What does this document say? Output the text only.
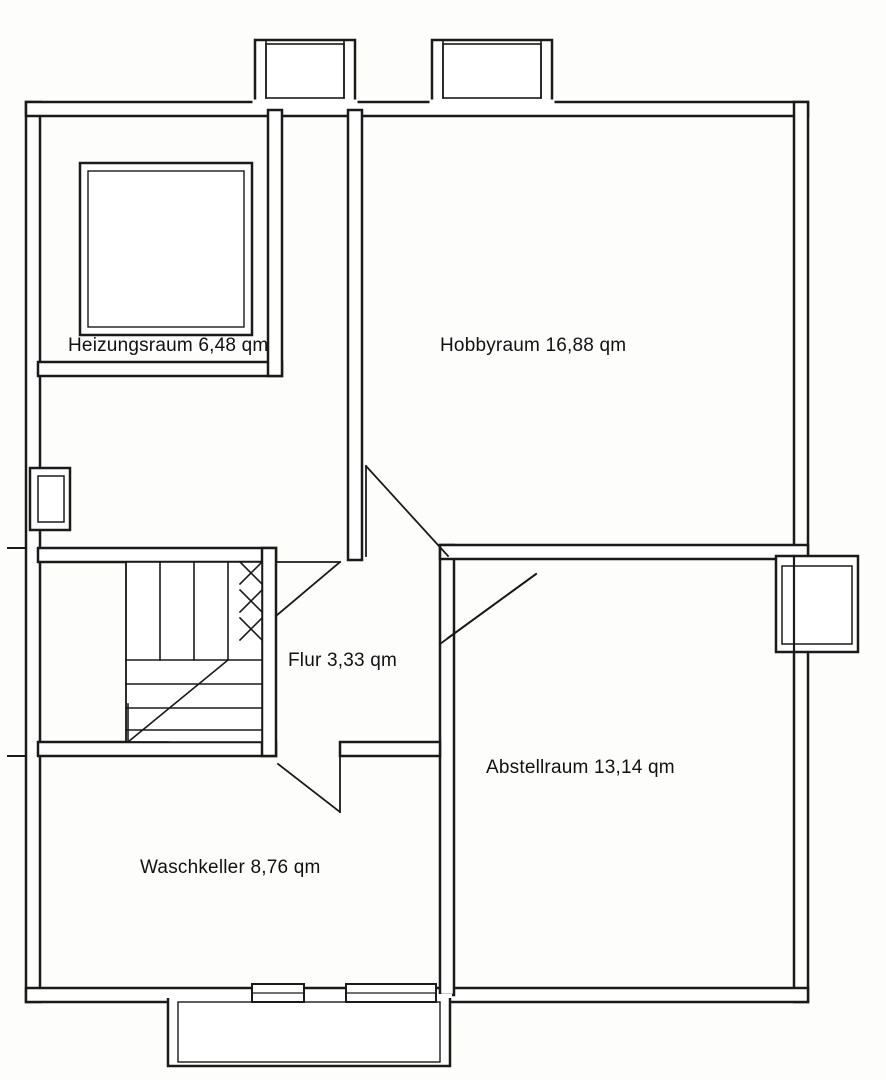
Heizungsraum 6,48 qm	Hobbyraum 16,88 qm
Flur 3,33 qm
Abstellraum 13,14 qm
Waschkeller 8,76 qm
